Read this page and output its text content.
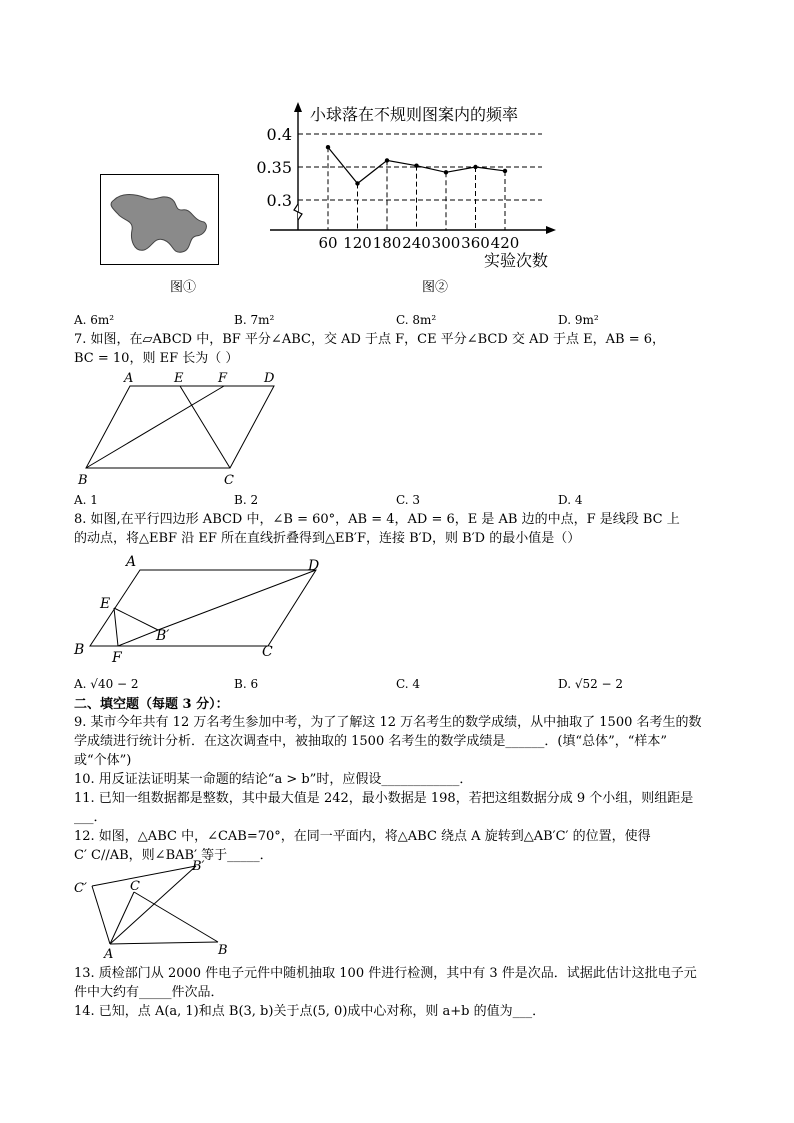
图①
小球落在不规则图案内的频率
实验次数
0.3
0.35
0.4
60 120 180 240 300 360 420
图②
A. 6m²	B. 7m²	C. 8m²	D. 9m²
7. 如图，在▱ABCD 中，BF 平分∠ABC，交 AD 于点 F，CE 平分∠BCD 交 AD 于点 E，AB = 6，
BC = 10，则 EF 长为（ ）
A	E	F	D
B	C
A. 1	B. 2	C. 3	D. 4
8. 如图,在平行四边形 ABCD 中，∠B = 60°，AB = 4，AD = 6，E 是 AB 边的中点，F 是线段 BC 上
的动点，将△EBF 沿 EF 所在直线折叠得到△EB′F，连接 B′D，则 B′D 的最小值是（）
A	D
E
B′
B F	C
A. √40 − 2	B. 6	C. 4	D. √52 − 2
二、填空题（每题 3 分）：
9. 某市今年共有 12 万名考生参加中考，为了了解这 12 万名考生的数学成绩，从中抽取了 1500 名考生的数
学成绩进行统计分析．在这次调查中，被抽取的 1500 名考生的数学成绩是______．(填“总体”，“样本”
或“个体”)
10. 用反证法证明某一命题的结论“a > b”时，应假设____________．
11. 已知一组数据都是整数，其中最大值是 242，最小数据是 198，若把这组数据分成 9 个小组，则组距是
___．
12. 如图，△ABC 中，∠CAB=70°，在同一平面内，将△ABC 绕点 A 旋转到△AB′C′ 的位置，使得
C′ C//AB，则∠BAB′ 等于_____．
C′	C
B′
A	B
13. 质检部门从 2000 件电子元件中随机抽取 100 件进行检测，其中有 3 件是次品．试据此估计这批电子元
件中大约有_____件次品．
14. 已知，点 A(a, 1)和点 B(3, b)关于点(5, 0)成中心对称，则 a+b 的值为___．
